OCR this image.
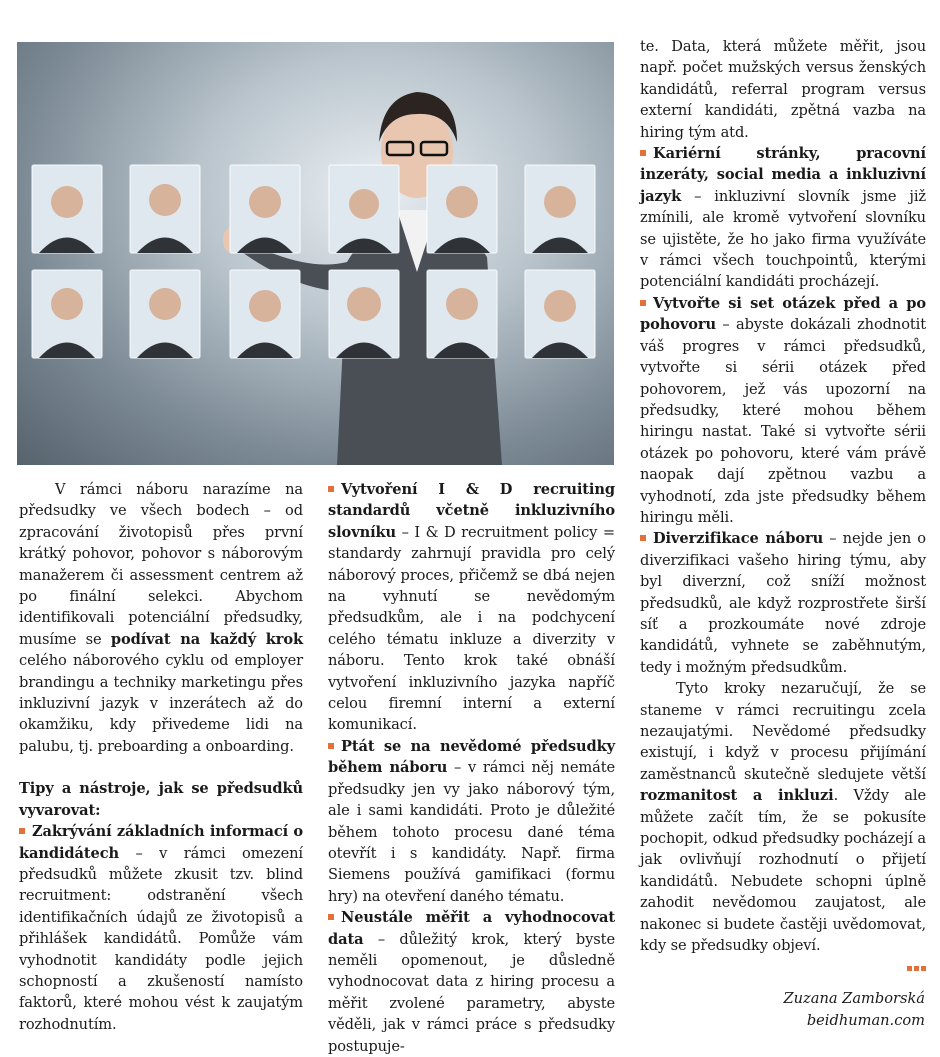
V rámci náboru narazíme na předsudky ve všech bodech – od zpracování životopisů přes první krátký pohovor, pohovor s náborovým manažerem či assessment centrem až po finální selekci. Abychom identifikovali potenciální předsudky, musíme se podívat na každý krok celého náborového cyklu od employer brandingu a techniky marketingu přes inkluzivní jazyk v inzerátech až do okamžiku, kdy přivedeme lidi na palubu, tj. preboarding a onboarding.

Tipy a nástroje, jak se předsudků vyvarovat:

Zakrývání základních informací o kandidátech – v rámci omezení předsudků můžete zkusit tzv. blind recruitment: odstranění všech identifikačních údajů ze životopisů a přihlášek kandidátů. Pomůže vám vyhodnotit kandidáty podle jejich schopností a zkušeností namísto faktorů, které mohou vést k zaujatým rozhodnutím.

Vytvoření I & D recruiting standardů včetně inkluzivního slovníku – I & D recruitment policy = standardy zahrnují pravidla pro celý náborový proces, přičemž se dbá nejen na vyhnutí se nevědomým předsudkům, ale i na podchycení celého tématu inkluze a diverzity v náboru. Tento krok také obnáší vytvoření inkluzivního jazyka napříč celou firemní interní a externí komunikací.

Ptát se na nevědomé předsudky během náboru – v rámci něj nemáte předsudky jen vy jako náborový tým, ale i sami kandidáti. Proto je důležité během tohoto procesu dané téma otevřít i s kandidáty. Např. firma Siemens používá gamifikaci (formu hry) na otevření daného tématu.

Neustále měřit a vyhodnocovat data – důležitý krok, který byste neměli opomenout, je důsledně vyhodnocovat data z hiring procesu a měřit zvolené parametry, abyste věděli, jak v rámci práce s předsudky postupuje-

te. Data, která můžete měřit, jsou např. počet mužských versus ženských kandidátů, referral program versus externí kandidáti, zpětná vazba na hiring tým atd.

Kariérní stránky, pracovní inzeráty, social media a inkluzivní jazyk – inkluzivní slovník jsme již zmínili, ale kromě vytvoření slovníku se ujistěte, že ho jako firma využíváte v rámci všech touchpointů, kterými potenciální kandidáti procházejí.

Vytvořte si set otázek před a po pohovoru – abyste dokázali zhodnotit váš progres v rámci předsudků, vytvořte si sérii otázek před pohovorem, jež vás upozorní na předsudky, které mohou během hiringu nastat. Také si vytvořte sérii otázek po pohovoru, které vám právě naopak dají zpětnou vazbu a vyhodnotí, zda jste předsudky během hiringu měli.

Diverzifikace náboru – nejde jen o diverzifikaci vašeho hiring týmu, aby byl diverzní, což sníží možnost předsudků, ale když rozprostřete širší síť a prozkoumáte nové zdroje kandidátů, vyhnete se zaběhnutým, tedy i možným předsudkům.

Tyto kroky nezaručují, že se staneme v rámci recruitingu zcela nezaujatými. Nevědomé předsudky existují, i když v procesu přijímání zaměstnanců skutečně sledujete větší rozmanitost a inkluzi. Vždy ale můžete začít tím, že se pokusíte pochopit, odkud předsudky pocházejí a jak ovlivňují rozhodnutí o přijetí kandidátů. Nebudete schopni úplně zahodit nevědomou zaujatost, ale nakonec si budete častěji uvědomovat, kdy se předsudky objeví.

Zuzana Zamborská
beidhuman.com
